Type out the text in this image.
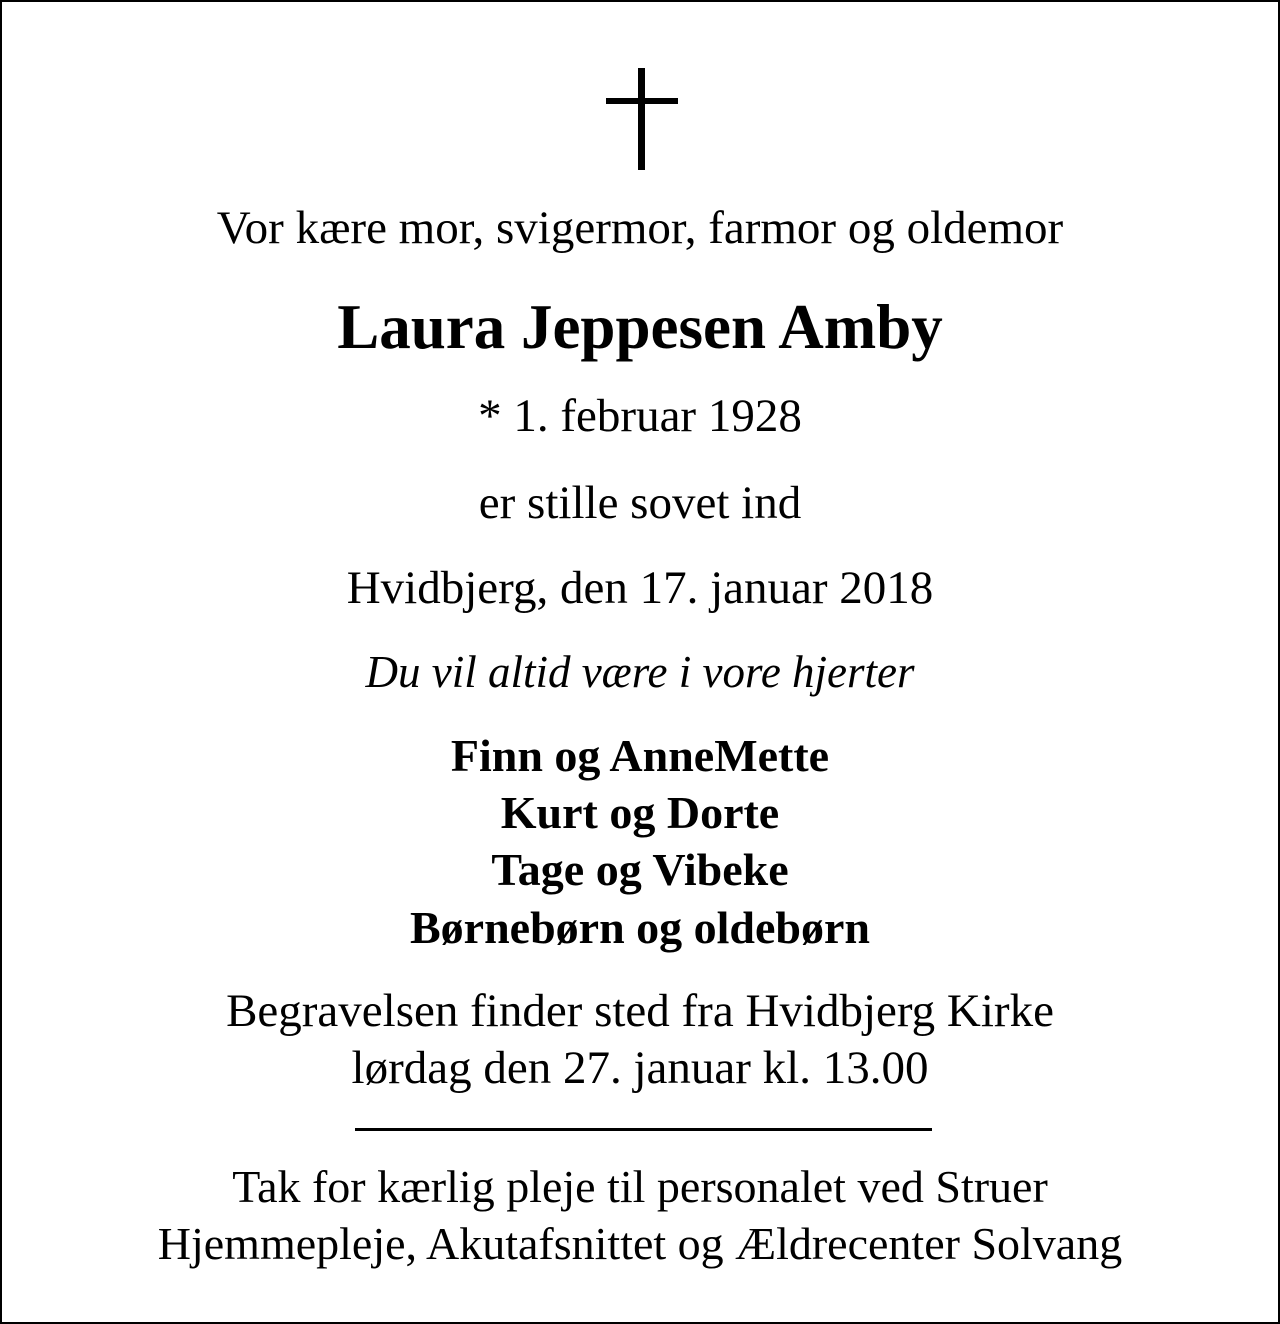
Vor kære mor, svigermor, farmor og oldemor
Laura Jeppesen Amby
* 1. februar 1928
er stille sovet ind
Hvidbjerg, den 17. januar 2018
Du vil altid være i vore hjerter
Finn og AnneMette
Kurt og Dorte
Tage og Vibeke
Børnebørn og oldebørn
Begravelsen finder sted fra Hvidbjerg Kirke
lørdag den 27. januar kl. 13.00
Tak for kærlig pleje til personalet ved Struer
Hjemmepleje, Akutafsnittet og Ældrecenter Solvang
